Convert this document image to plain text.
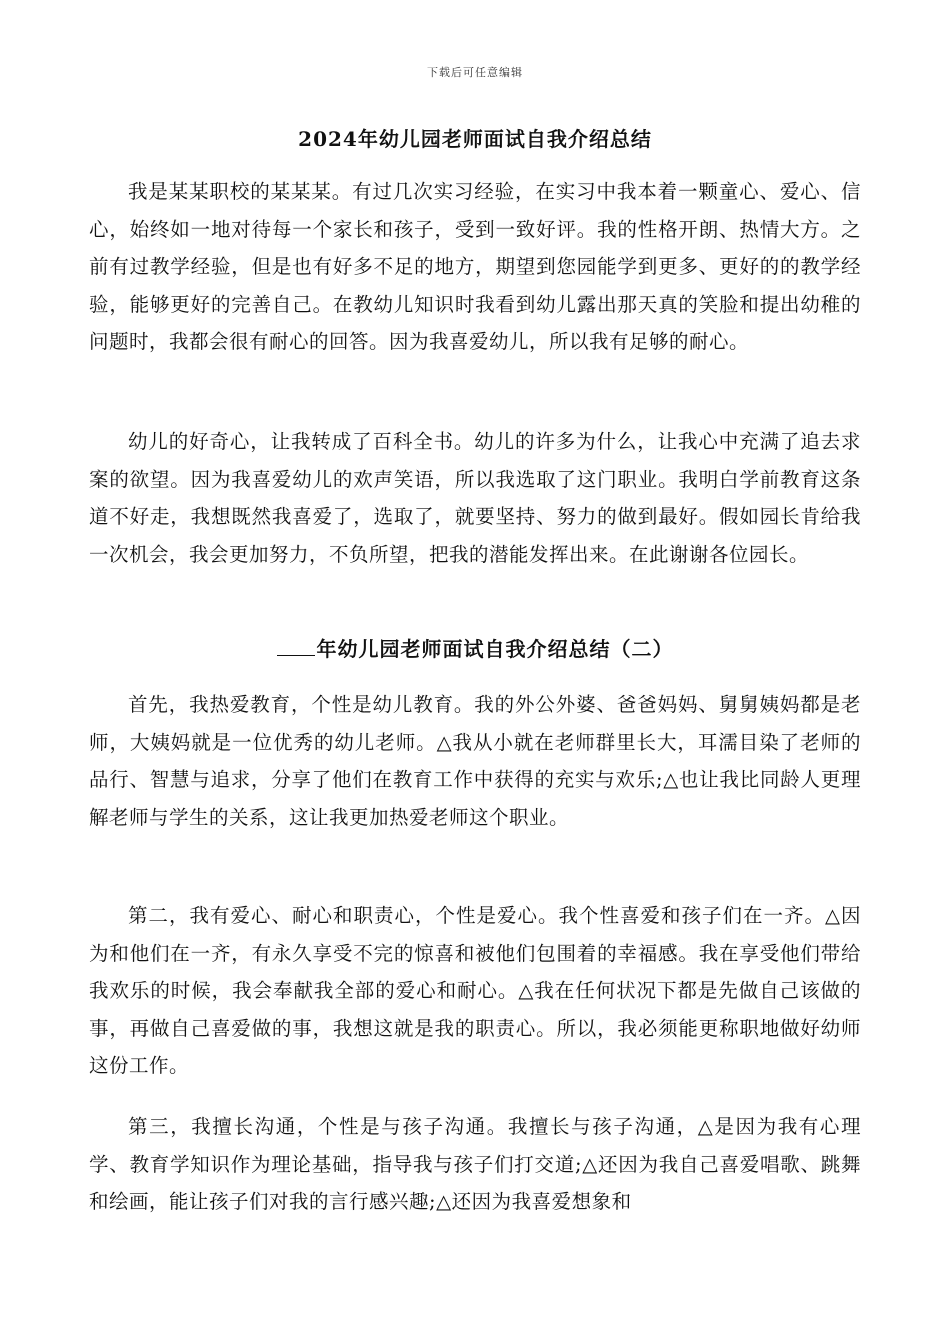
下载后可任意编辑
2024年幼儿园老师面试自我介绍总结

我是某某职校的某某某。有过几次实习经验，在实习中我本着一颗童心、爱心、信心，始终如一地对待每一个家长和孩子，受到一致好评。我的性格开朗、热情大方。之前有过教学经验，但是也有好多不足的地方，期望到您园能学到更多、更好的的教学经验，能够更好的完善自己。在教幼儿知识时我看到幼儿露出那天真的笑脸和提出幼稚的问题时，我都会很有耐心的回答。因为我喜爱幼儿，所以我有足够的耐心。

幼儿的好奇心，让我转成了百科全书。幼儿的许多为什么，让我心中充满了追去求案的欲望。因为我喜爱幼儿的欢声笑语，所以我选取了这门职业。我明白学前教育这条道不好走，我想既然我喜爱了，选取了，就要坚持、努力的做到最好。假如园长肯给我一次机会，我会更加努力，不负所望，把我的潜能发挥出来。在此谢谢各位园长。

年幼儿园老师面试自我介绍总结（二）

首先，我热爱教育，个性是幼儿教育。我的外公外婆、爸爸妈妈、舅舅姨妈都是老师，大姨妈就是一位优秀的幼儿老师。△我从小就在老师群里长大，耳濡目染了老师的品行、智慧与追求，分享了他们在教育工作中获得的充实与欢乐;△也让我比同龄人更理解老师与学生的关系，这让我更加热爱老师这个职业。

第二，我有爱心、耐心和职责心，个性是爱心。我个性喜爱和孩子们在一齐。△因为和他们在一齐，有永久享受不完的惊喜和被他们包围着的幸福感。我在享受他们带给我欢乐的时候，我会奉献我全部的爱心和耐心。△我在任何状况下都是先做自己该做的事，再做自己喜爱做的事，我想这就是我的职责心。所以，我必须能更称职地做好幼师这份工作。

第三，我擅长沟通，个性是与孩子沟通。我擅长与孩子沟通，△是因为我有心理学、教育学知识作为理论基础，指导我与孩子们打交道;△还因为我自己喜爱唱歌、跳舞和绘画，能让孩子们对我的言行感兴趣;△还因为我喜爱想象和
